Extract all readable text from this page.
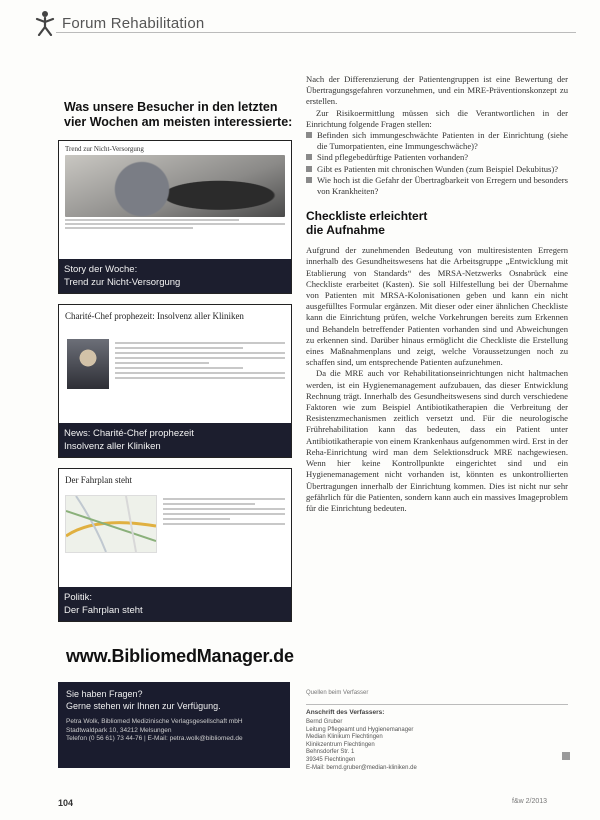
Forum Rehabilitation
Was unsere Besucher in den letzten
vier Wochen am meisten interessierte:
Trend zur Nicht-Versorgung
Story der Woche:
Trend zur Nicht-Versorgung
Charité-Chef prophezeit: Insolvenz aller Kliniken
News: Charité-Chef prophezeit
Insolvenz aller Kliniken
Der Fahrplan steht
Politik:
Der Fahrplan steht
www.BibliomedManager.de
Sie haben Fragen?
Gerne stehen wir Ihnen zur Verfügung.
Petra Wolk, Bibliomed Medizinische Verlagsgesellschaft mbH
Stadtwaldpark 10, 34212 Melsungen
Telefon (0 56 61) 73 44-76 | E-Mail: petra.wolk@bibliomed.de

Nach der Differenzierung der Patientengruppen ist eine Bewertung der Übertragungsgefahren vorzunehmen, und ein MRE-Präventionskonzept zu erstellen.

Zur Risikoermittlung müssen sich die Verantwortlichen in der Einrichtung folgende Fragen stellen:

Befinden sich immungeschwächte Patienten in der Einrichtung (siehe die Tumorpatienten, eine Immungeschwäche)?
Sind pflegebedürftige Patienten vorhanden?
Gibt es Patienten mit chronischen Wunden (zum Beispiel Dekubitus)?
Wie hoch ist die Gefahr der Übertragbarkeit von Erregern und besonders von Krankheiten?
Checkliste erleichtert
die Aufnahme

Aufgrund der zunehmenden Bedeutung von multiresistenten Erregern innerhalb des Gesundheitswesens hat die Arbeitsgruppe „Entwicklung mit Etablierung von Standards“ des MRSA-Netzwerks Osnabrück eine Checkliste erarbeitet (Kasten). Sie soll Hilfestellung bei der Übernahme von Patienten mit MRSA-Kolonisationen geben und kann ein nicht ausgefülltes Formular ergänzen. Mit dieser oder einer ähnlichen Checkliste kann die Einrichtung prüfen, welche Vorkehrungen bereits zum Erkennen und Behandeln betreffender Patienten vorhanden sind und Abweichungen zu erkennen sind. Darüber hinaus ermöglicht die Checkliste die Erstellung eines Maßnahmenplans und zeigt, welche Voraussetzungen noch zu schaffen sind, um entsprechende Patienten aufzunehmen.

Da die MRE auch vor Rehabilitationseinrichtungen nicht haltmachen werden, ist ein Hygienemanagement aufzubauen, das dieser Entwicklung Rechnung trägt. Innerhalb des Gesundheitswesens sind durch verschiedene Faktoren wie zum Beispiel Antibiotikatherapien die Verbreitung der Resistenzmechanismen zeitlich versetzt und. Für die neurologische Frührehabilitation kann das bedeuten, dass ein Patient unter Antibiotikatherapie von einem Krankenhaus aufgenommen wird. Erst in der Reha-Einrichtung wird man dem Selektionsdruck MRE nachgewiesen. Wenn hier keine Kontrollpunkte eingerichtet sind und ein Hygienemanagement nicht vorhanden ist, könnten es unkontrollierten Übertragungen innerhalb der Einrichtung kommen. Dies ist nicht nur sehr gefährlich für die Patienten, sondern kann auch ein massives Imageproblem für die Einrichtung bedeuten.

Quellen beim Verfasser
Anschrift des Verfassers:
Bernd Gruber
Leitung Pflegeamt und Hygienemanager
Median Klinikum Flechtingen
Klinikzentrum Flechtingen
Behnsdorfer Str. 1
39345 Flechtingen
E-Mail: bernd.gruber@median-kliniken.de
104	f&w 2/2013
